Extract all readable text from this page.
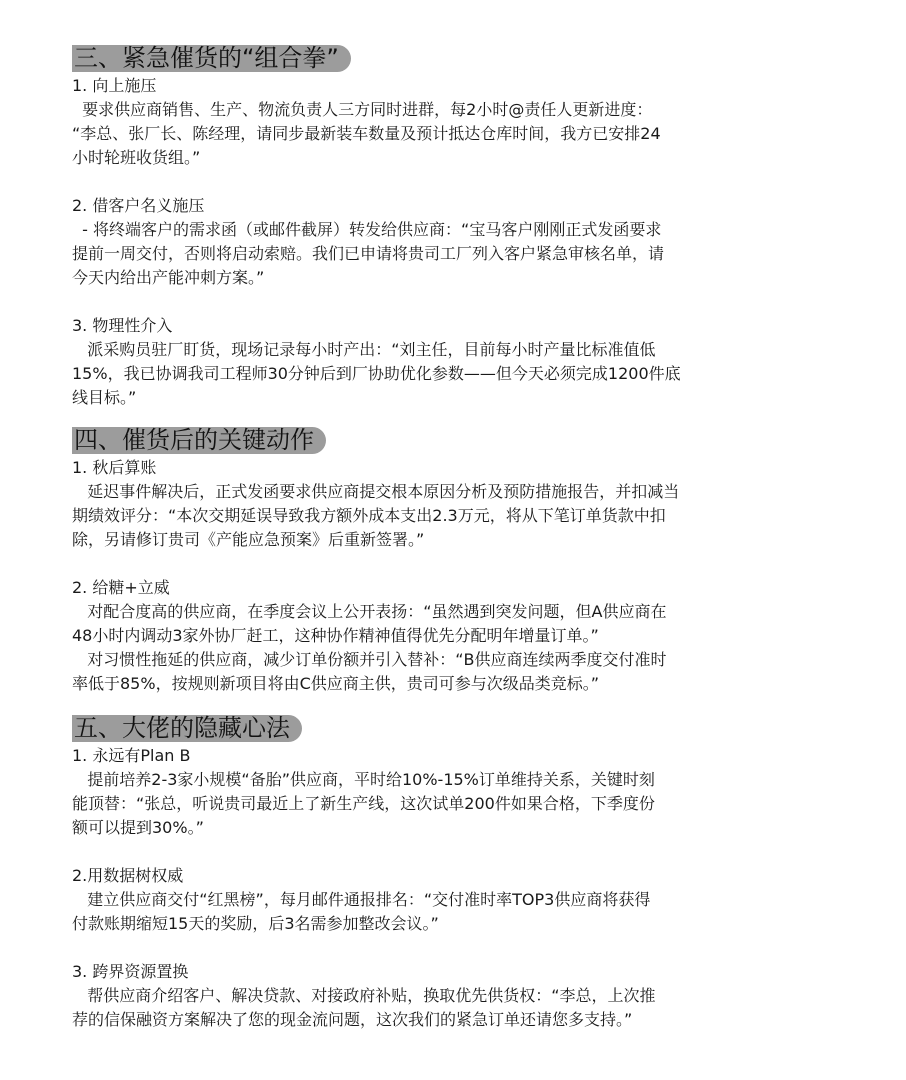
三、紧急催货的“组合拳”
1. 向上施压
要求供应商销售、生产、物流负责人三方同时进群，每2小时@责任人更新进度：
“李总、张厂长、陈经理，请同步最新装车数量及预计抵达仓库时间，我方已安排24
小时轮班收货组。”
2. 借客户名义施压
- 将终端客户的需求函（或邮件截屏）转发给供应商：“宝马客户刚刚正式发函要求
提前一周交付，否则将启动索赔。我们已申请将贵司工厂列入客户紧急审核名单，请
今天内给出产能冲刺方案。”
3. 物理性介入
派采购员驻厂盯货，现场记录每小时产出：“刘主任，目前每小时产量比标准值低
15%，我已协调我司工程师30分钟后到厂协助优化参数——但今天必须完成1200件底
线目标。”
四、催货后的关键动作
1. 秋后算账
延迟事件解决后，正式发函要求供应商提交根本原因分析及预防措施报告，并扣减当
期绩效评分：“本次交期延误导致我方额外成本支出2.3万元，将从下笔订单货款中扣
除，另请修订贵司《产能应急预案》后重新签署。”
2. 给糖+立威
对配合度高的供应商，在季度会议上公开表扬：“虽然遇到突发问题，但A供应商在
48小时内调动3家外协厂赶工，这种协作精神值得优先分配明年增量订单。”
对习惯性拖延的供应商，减少订单份额并引入替补：“B供应商连续两季度交付准时
率低于85%，按规则新项目将由C供应商主供，贵司可参与次级品类竞标。”
五、大佬的隐藏心法
1. 永远有Plan B
提前培养2-3家小规模“备胎”供应商，平时给10%-15%订单维持关系，关键时刻
能顶替：“张总，听说贵司最近上了新生产线，这次试单200件如果合格，下季度份
额可以提到30%。”
2.用数据树权威
建立供应商交付“红黑榜”，每月邮件通报排名：“交付准时率TOP3供应商将获得
付款账期缩短15天的奖励，后3名需参加整改会议。”
3. 跨界资源置换
帮供应商介绍客户、解决贷款、对接政府补贴，换取优先供货权：“李总，上次推
荐的信保融资方案解决了您的现金流问题，这次我们的紧急订单还请您多支持。”
